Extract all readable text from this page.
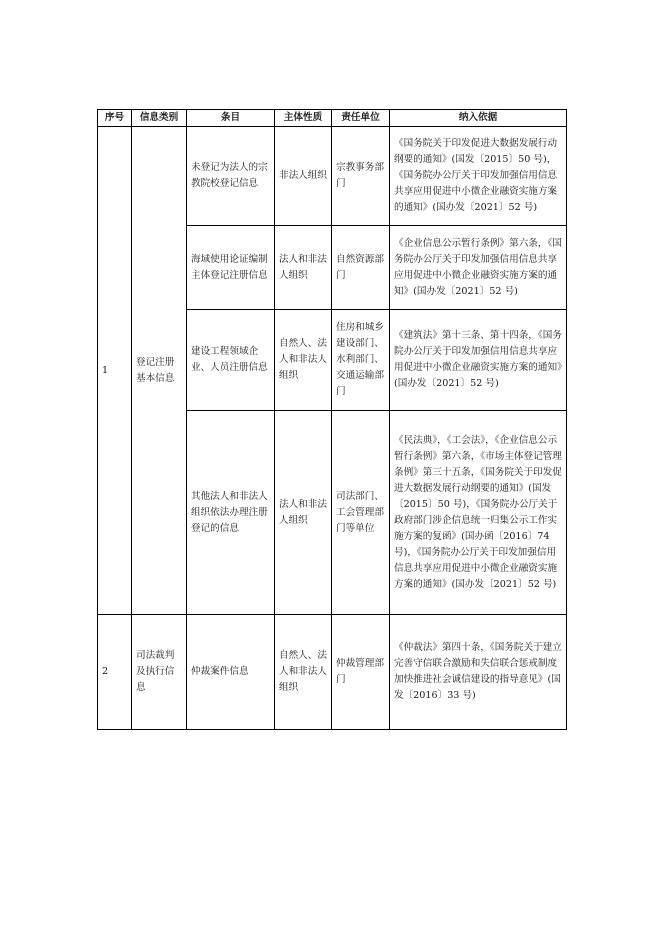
序号	信息类别	条目	主体性质	责任单位	纳入依据
1	登记注册基本信息	未登记为法人的宗教院校登记信息	非法人组织	宗教事务部门	《国务院关于印发促进大数据发展行动纲要的通知》(国发〔2015〕50 号)，《国务院办公厅关于印发加强信用信息共享应用促进中小微企业融资实施方案的通知》(国办发〔2021〕52 号)
		海域使用论证编制主体登记注册信息	法人和非法人组织	自然资源部门	《企业信息公示暂行条例》第六条，《国务院办公厅关于印发加强信用信息共享应用促进中小微企业融资实施方案的通知》(国办发〔2021〕52 号)
		建设工程领域企业、人员注册信息	自然人、法人和非法人组织	住房和城乡建设部门、水利部门、交通运输部门	《建筑法》第十三条、第十四条，《国务院办公厅关于印发加强信用信息共享应用促进中小微企业融资实施方案的通知》(国办发〔2021〕52 号)
		其他法人和非法人组织依法办理注册登记的信息	法人和非法人组织	司法部门、工会管理部门等单位	《民法典》，《工会法》，《企业信息公示暂行条例》第六条，《市场主体登记管理条例》第三十五条，《国务院关于印发促进大数据发展行动纲要的通知》(国发〔2015〕50 号)，《国务院办公厅关于政府部门涉企信息统一归集公示工作实施方案的复函》(国办函〔2016〕74 号)，《国务院办公厅关于印发加强信用信息共享应用促进中小微企业融资实施方案的通知》(国办发〔2021〕52 号)
2	司法裁判及执行信息	仲裁案件信息	自然人、法人和非法人组织	仲裁管理部门	《仲裁法》第四十条，《国务院关于建立完善守信联合激励和失信联合惩戒制度加快推进社会诚信建设的指导意见》(国发〔2016〕33 号)
